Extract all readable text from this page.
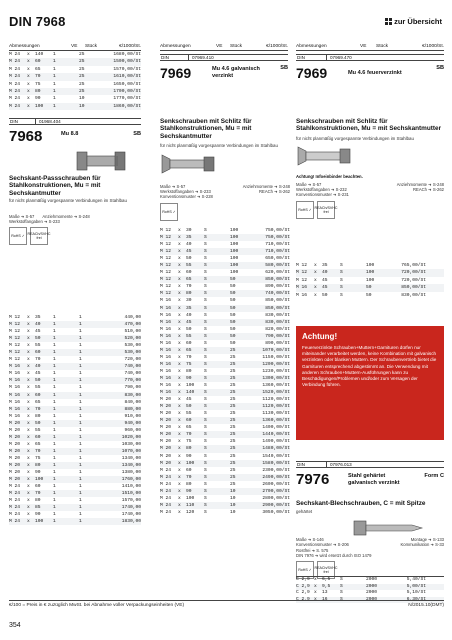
DIN 7968	zur Übersicht
Abmessungen	VE	Stück	€/1000/St.
M 24	x	140	1	25	1680,00/St
M 24	x	60	1	25	1500,00/St
M 24	x	65	1	25	1570,00/St
M 24	x	70	1	25	1610,00/St
M 24	x	75	1	25	1650,00/St
M 24	x	80	1	25	1700,00/St
M 24	x	90	1	10	1770,00/St
M 24	x	100	1	10	1860,00/St
Abmessungen	VE	Stück	€/1000/St.
DIN	07969.410
7969	Mu 4.6 galvanisch verzinkt
SB
Abmessungen	VE	Stück	€/1000/St.
DIN	07969.470
7969	Mu 4.6 feuerverzinkt
SB
DIN	01968.404
7968	Mu 8.8	SB
Sechskant-Passschrauben für Stahlkonstruktionen, Mu = mit Sechskantmutter
für nicht planmäßig vorgespannte Verbindungen im Stahlbau
Maße ➜ S-57 Anziehmomente ➜ S-248
Werkstoffangaben ➜ S-233
RoHS ✓ REACh/SVHC frei
Senkschrauben mit Schlitz für Stahlkonstruktionen, Mu = mit Sechskantmutter
für nicht planmäßig vorgespannte Verbindungen im Stahlbau
Maße ➜ S-57	Anziehmomente ➜ S-248
Werkstoffangaben ➜ S-233	REACh ➜ S-262
Konventionsmuster ➜ S-228
RoHS ✓
Senkschrauben mit Schlitz für Stahlkonstruktionen, Mu = mit Sechskantmutter
für nicht planmäßig vorgespannte Verbindungen im Stahlbau
Achtung! Infoeinbinder beachten.
Maße ➜ S-57	Anziehmomente ➜ S-248
Werkstoffangaben ➜ S-232	REACh ➜ S-262
Konventionsmuster ➜ S-231
RoHS ✓ REACh/SVHC frei
M 12	x	35	1	1	440,00
M 12	x	40	1	1	470,00
M 12	x	45	1	1	510,00
M 12	x	50	1	1	520,00
M 12	x	55	1	1	530,00
M 12	x	60	1	1	530,00
M 12	x	70	1	1	720,00
M 16	x	40	1	1	740,00
M 16	x	45	1	1	740,00
M 16	x	50	1	1	770,00
M 16	x	55	1	1	790,00
M 16	x	60	1	1	830,00
M 16	x	65	1	1	840,00
M 16	x	70	1	1	880,00
M 16	x	80	1	1	910,00
M 20	x	50	1	1	940,00
M 20	x	55	1	1	960,00
M 20	x	60	1	1	1020,00
M 20	x	65	1	1	1030,00
M 20	x	70	1	1	1070,00
M 20	x	75	1	1	1340,00
M 20	x	80	1	1	1340,00
M 20	x	90	1	1	1380,00
M 20	x	100	1	1	1760,00
M 24	x	60	1	1	1410,00
M 24	x	70	1	1	1510,00
M 24	x	80	1	1	1570,00
M 24	x	85	1	1	1740,00
M 24	x	90	1	1	1740,00
M 24	x	100	1	1	1830,00
M 12	x	30	S	100	750,00/St
M 12	x	35	S	100	750,00/St
M 12	x	40	S	100	710,00/St
M 12	x	45	S	100	710,00/St
M 12	x	50	S	100	650,00/St
M 12	x	55	S	100	580,00/St
M 12	x	60	S	100	620,00/St
M 12	x	65	S	50	850,00/St
M 12	x	70	S	50	890,00/St
M 12	x	80	S	50	740,00/St
M 16	x	30	S	50	850,00/St
M 16	x	35	S	50	850,00/St
M 16	x	40	S	50	830,00/St
M 16	x	45	S	50	830,00/St
M 16	x	50	S	50	820,00/St
M 16	x	55	S	50	790,00/St
M 16	x	60	S	50	890,00/St
M 16	x	65	S	25	1070,00/St
M 16	x	70	S	25	1150,00/St
M 16	x	75	S	25	1200,00/St
M 16	x	80	S	25	1230,00/St
M 16	x	90	S	25	1300,00/St
M 16	x	100	S	25	1360,00/St
M 16	x	140	S	25	1520,00/St
M 20	x	45	S	25	1120,00/St
M 20	x	50	S	25	1120,00/St
M 20	x	55	S	25	1130,00/St
M 20	x	60	S	25	1360,00/St
M 20	x	65	S	25	1400,00/St
M 20	x	70	S	25	1440,00/St
M 20	x	75	S	25	1490,00/St
M 20	x	80	S	25	1480,00/St
M 20	x	90	S	25	1540,00/St
M 20	x	100	S	25	1580,00/St
M 24	x	60	S	25	2300,00/St
M 24	x	70	S	25	2490,00/St
M 24	x	80	S	25	2600,00/St
M 24	x	90	S	10	2700,00/St
M 24	x	100	S	10	2800,00/St
M 24	x	110	S	10	2900,00/St
M 24	x	120	S	10	3050,00/St
M 12	x	35	S	100	765,00/St
M 12	x	40	S	100	720,00/St
M 12	x	45	S	100	720,00/St
M 16	x	45	S	50	850,00/St
M 16	x	50	S	50	830,00/St
Achtung!
Feuerverzinkte Schrauben+Muttern+Garnituren dürfen nur miteinander verarbeitet werden, keine Kombination mit galvanisch verzinkten oder blanken Muttern. Der Schraubenvertrieb bietet die Garnituren entsprechend abgestimmt an. Die Verwendung mit anderen Schrauben+Muttern-Ausführungen kann zu Beschädigungen/Problemen und/oder zum Versagen der Verbindung führen.
DIN	07976.013
7976	Stahl gehärtet galvanisch verzinkt
Form C
Sechskant-Blechschrauben, C = mit Spitze
gehärtet
Maße ➜ S-146	Montage ➜ S-133
Konventionsmuster ➜ S-206	Kommunikation ➜ S-33
Rostfrei ➜ S. 575
DIN 7976 ➜ wird ersetzt durch ISO 1479
RoHS ✓ REACh/SVHC frei
C 2,9 x	6,5	S	2000	5,40/St
C 2,9 x	9,5	S	2000	5,00/St
C 2,9 x	13	S	2000	5,10/St
C 2,9 x	16	S	2000	6,30/St
€/100 = Preis in € zuzüglich MwSt. bei Abnahme voller Verpackungseinheiten (VE)	N/2015.10(DMT)
354
